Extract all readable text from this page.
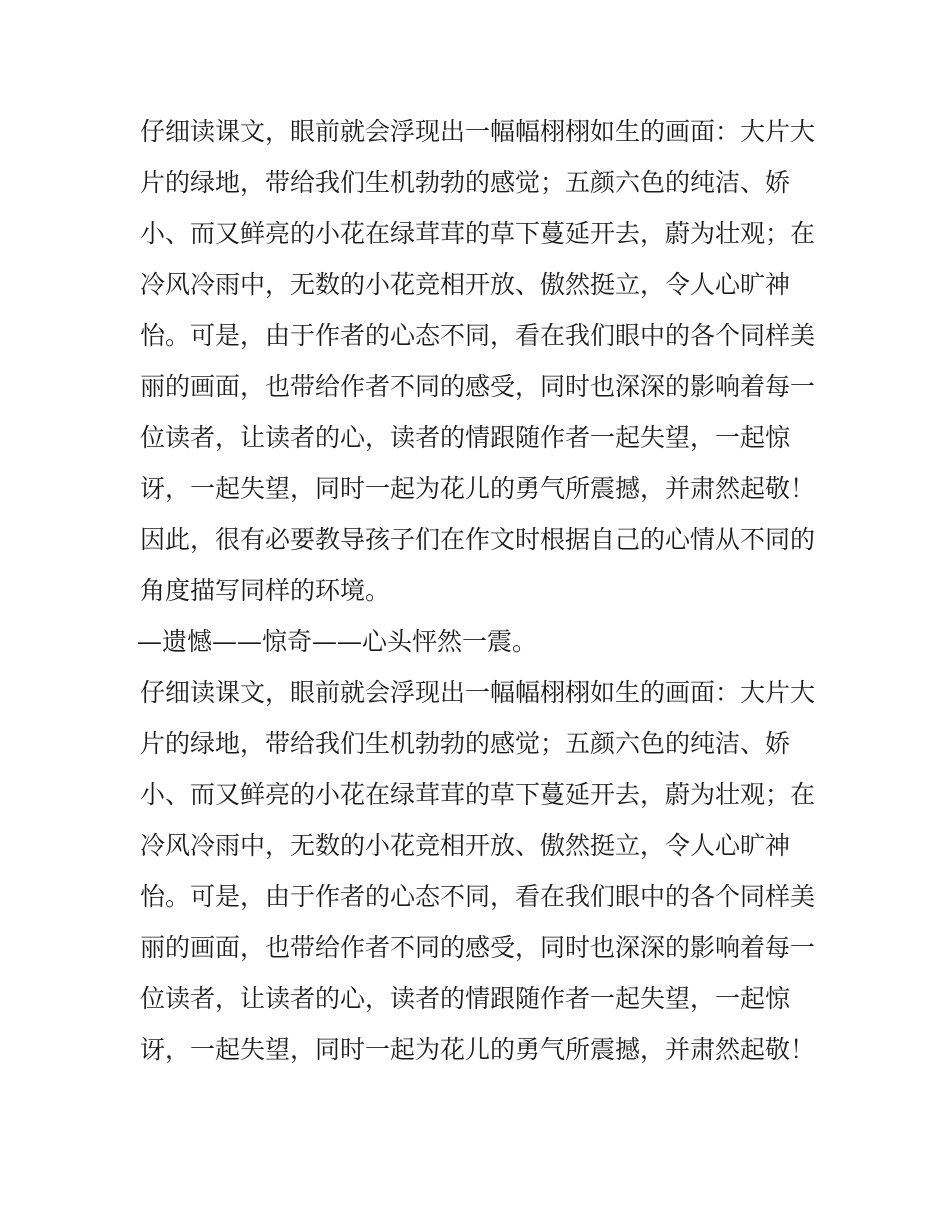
仔细读课文，眼前就会浮现出一幅幅栩栩如生的画面：大片大
片的绿地，带给我们生机勃勃的感觉；五颜六色的纯洁、娇
小、而又鲜亮的小花在绿茸茸的草下蔓延开去，蔚为壮观；在
冷风冷雨中，无数的小花竞相开放、傲然挺立，令人心旷神
怡。可是，由于作者的心态不同，看在我们眼中的各个同样美
丽的画面，也带给作者不同的感受，同时也深深的影响着每一
位读者，让读者的心，读者的情跟随作者一起失望，一起惊
讶，一起失望，同时一起为花儿的勇气所震撼，并肃然起敬！
因此，很有必要教导孩子们在作文时根据自己的心情从不同的
角度描写同样的环境。
—遗憾——惊奇——心头怦然一震。
仔细读课文，眼前就会浮现出一幅幅栩栩如生的画面：大片大
片的绿地，带给我们生机勃勃的感觉；五颜六色的纯洁、娇
小、而又鲜亮的小花在绿茸茸的草下蔓延开去，蔚为壮观；在
冷风冷雨中，无数的小花竞相开放、傲然挺立，令人心旷神
怡。可是，由于作者的心态不同，看在我们眼中的各个同样美
丽的画面，也带给作者不同的感受，同时也深深的影响着每一
位读者，让读者的心，读者的情跟随作者一起失望，一起惊
讶，一起失望，同时一起为花儿的勇气所震撼，并肃然起敬！
